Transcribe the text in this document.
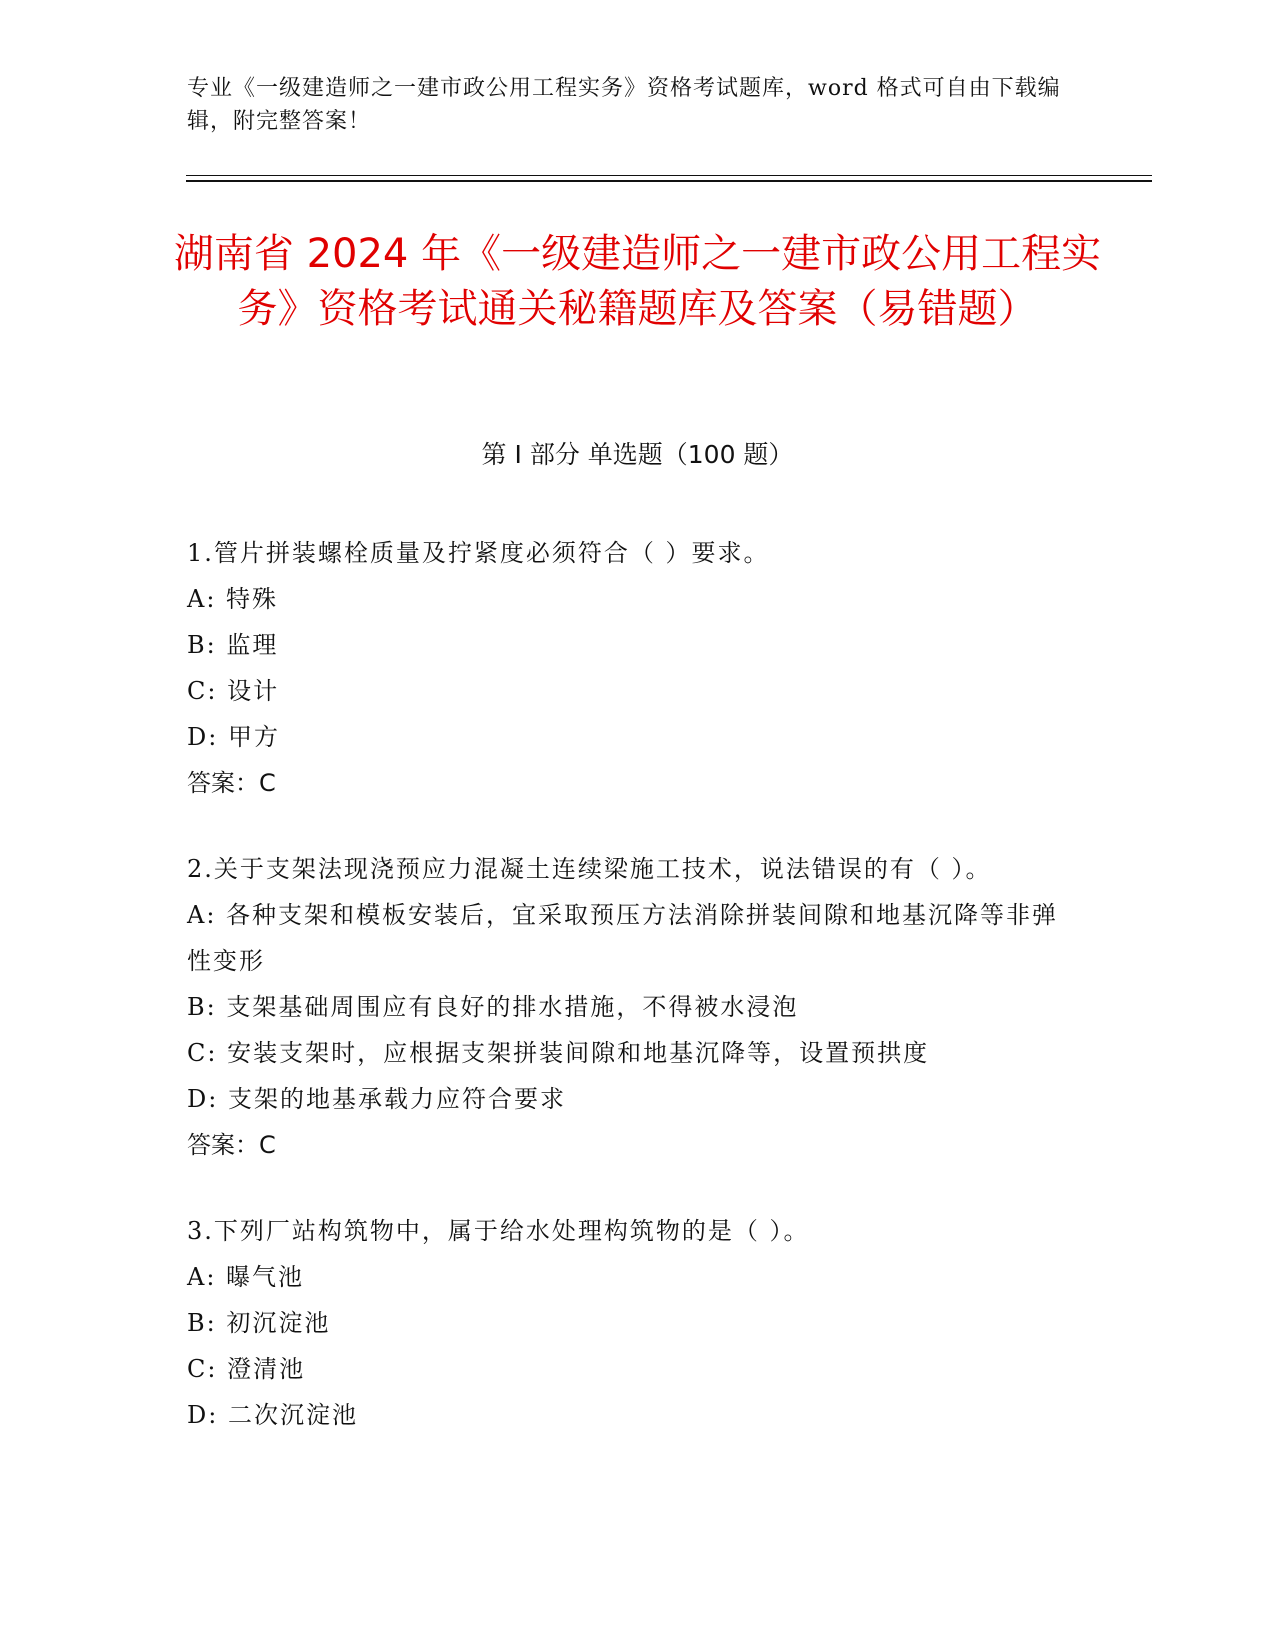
专业《一级建造师之一建市政公用工程实务》资格考试题库，word 格式可自由下载编辑，附完整答案！
湖南省 2024 年《一级建造师之一建市政公用工程实务》资格考试通关秘籍题库及答案（易错题）
第 I 部分 单选题（100 题）
1.管片拼装螺栓质量及拧紧度必须符合（ ）要求。
A: 特殊
B: 监理
C: 设计
D: 甲方
答案：C
2.关于支架法现浇预应力混凝土连续梁施工技术，说法错误的有（ ）。
A: 各种支架和模板安装后，宜采取预压方法消除拼装间隙和地基沉降等非弹性变形
B: 支架基础周围应有良好的排水措施，不得被水浸泡
C: 安装支架时，应根据支架拼装间隙和地基沉降等，设置预拱度
D: 支架的地基承载力应符合要求
答案：C
3.下列厂站构筑物中，属于给水处理构筑物的是（ ）。
A: 曝气池
B: 初沉淀池
C: 澄清池
D: 二次沉淀池
